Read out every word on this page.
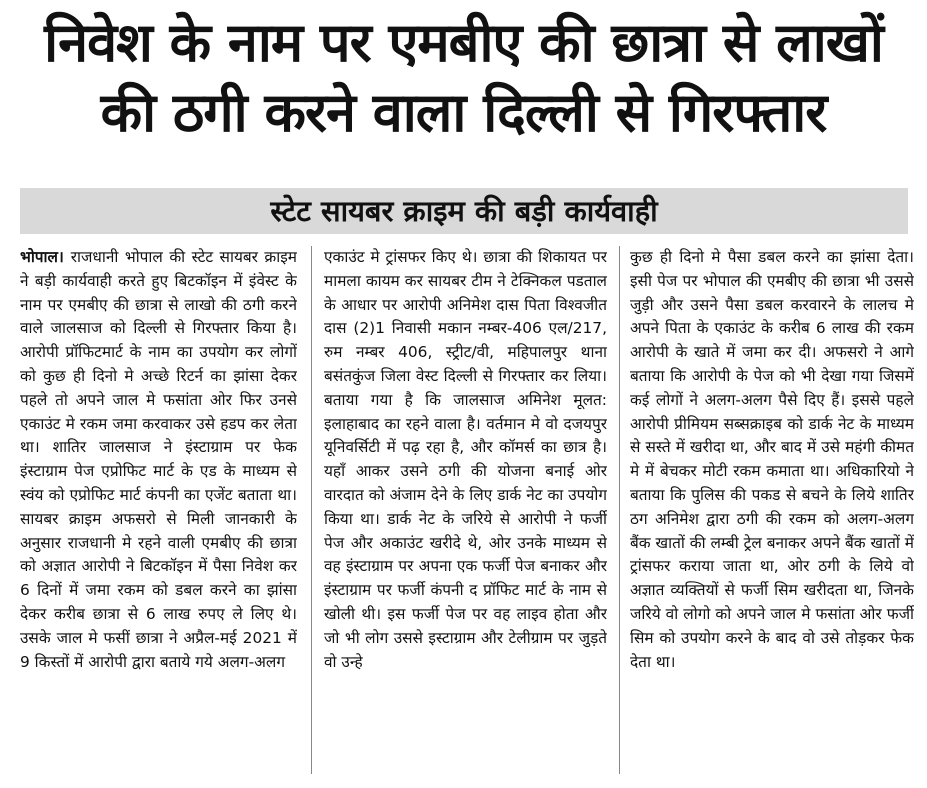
निवेश के नाम पर एमबीए की छात्रा से लाखों
की ठगी करने वाला दिल्ली से गिरफ्तार
स्टेट सायबर क्राइम की बड़ी कार्यवाही
भोपाल। राजधानी भोपाल की स्टेट सायबर क्राइम ने बड़ी कार्यवाही करते हुए बिटकॉइन में इंवेस्ट के नाम पर एमबीए की छात्रा से लाखो की ठगी करने वाले जालसाज को दिल्ली से गिरफ्तार किया है। आरोपी प्रॉफिटमार्ट के नाम का उपयोग कर लोगों को कुछ ही दिनो मे अच्छे रिटर्न का झांसा देकर पहले तो अपने जाल मे फसांता ओर फिर उनसे एकाउंट मे रकम जमा करवाकर उसे हडप कर लेता था। शातिर जालसाज ने इंस्टाग्राम पर फेक इंस्टाग्राम पेज एप्रोफिट मार्ट के एड के माध्यम से स्वंय को एप्रोफिट मार्ट कंपनी का एजेंट बताता था। सायबर क्राइम अफसरो से मिली जानकारी के अनुसार राजधानी मे रहने वाली एमबीए की छात्रा को अज्ञात आरोपी ने बिटकॉइन में पैसा निवेश कर 6 दिनों में जमा रकम को डबल करने का झांसा देकर करीब छात्रा से 6 लाख रुपए ले लिए थे। उसके जाल मे फसीं छात्रा ने अप्रैल-मई 2021 में 9 किस्तों में आरोपी द्वारा बताये गये अलग-अलग
एकाउंट मे ट्रांसफर किए थे। छात्रा की शिकायत पर मामला कायम कर सायबर टीम ने टेक्निकल पडताल के आधार पर आरोपी अनिमेश दास पिता विश्वजीत दास (2)1 निवासी मकान नम्बर-406 एल/217, रुम नम्बर 406, स्ट्रीट/वी, महिपालपुर थाना बसंतकुंज जिला वेस्ट दिल्ली से गिरफ्तार कर लिया। बताया गया है कि जालसाज अमिनेश मूलत: इलाहाबाद का रहने वाला है। वर्तमान मे वो दजयपुर यूनिवर्सिटी में पढ़ रहा है, और कॉमर्स का छात्र है। यहाँ आकर उसने ठगी की योजना बनाई ओर वारदात को अंजाम देने के लिए डार्क नेट का उपयोग किया था। डार्क नेट के जरिये से आरोपी ने फर्जी पेज और अकाउंट खरीदे थे, ओर उनके माध्यम से वह इंस्टाग्राम पर अपना एक फर्जी पेज बनाकर और इंस्टाग्राम पर फर्जी कंपनी द प्रॉफिट मार्ट के नाम से खोली थी। इस फर्जी पेज पर वह लाइव होता और जो भी लोग उससे इस्टाग्राम और टेलीग्राम पर जुड़ते वो उन्हे
कुछ ही दिनो मे पैसा डबल करने का झांसा देता। इसी पेज पर भोपाल की एमबीए की छात्रा भी उससे जुड़ी और उसने पैसा डबल करवारने के लालच मे अपने पिता के एकाउंट के करीब 6 लाख की रकम आरोपी के खाते में जमा कर दी। अफसरो ने आगे बताया कि आरोपी के पेज को भी देखा गया जिसमें कई लोगों ने अलग-अलग पैसे दिए हैं। इससे पहले आरोपी प्रीमियम सब्सक्राइब को डार्क नेट के माध्यम से सस्ते में खरीदा था, और बाद में उसे महंगी कीमत मे में बेचकर मोटी रकम कमाता था। अधिकारियो ने बताया कि पुलिस की पकड से बचने के लिये शातिर ठग अनिमेश द्वारा ठगी की रकम को अलग-अलग बैंक खातों की लम्बी ट्रेल बनाकर अपने बैंक खातों में ट्रांसफर कराया जाता था, ओर ठगी के लिये वो अज्ञात व्यक्तियों से फर्जी सिम खरीदता था, जिनके जरिये वो लोगो को अपने जाल मे फसांता ओर फर्जी सिम को उपयोग करने के बाद वो उसे तोड़कर फेक देता था।
